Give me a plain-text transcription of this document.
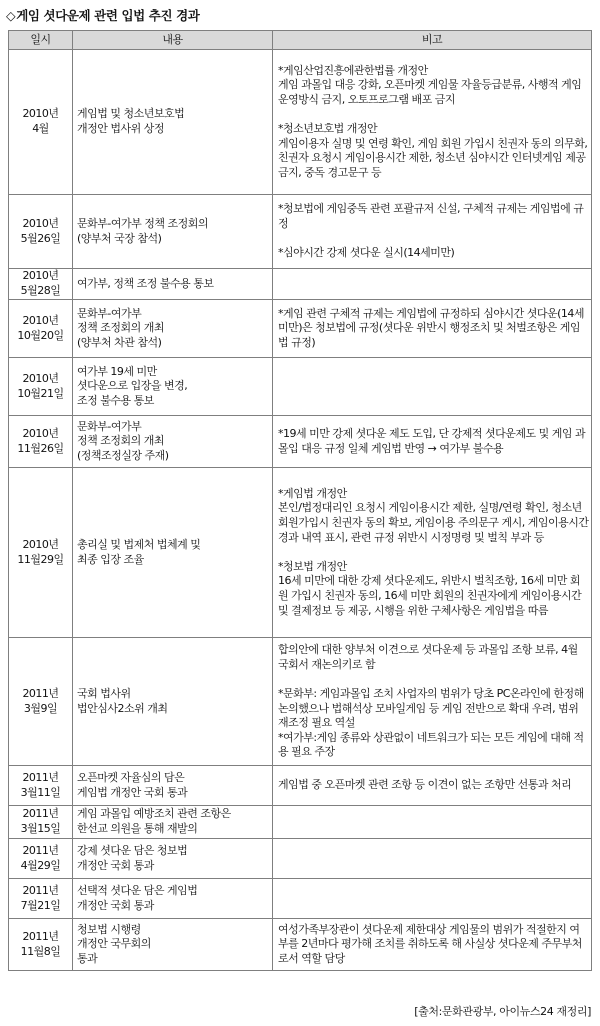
◇게임 셧다운제 관련 입법 추진 경과
일시	내용	비고

2010년
4월	게임법 및 청소년보호법
개정안 법사위 상정	*게임산업진흥에관한법률 개정안
게임 과몰입 대응 강화, 오픈마켓 게임물 자율등급분류, 사행적 게임운영방식 금지, 오토프로그램 배포 금지
*청소년보호법 개정안
게임이용자 실명 및 연령 확인, 게임 회원 가입시 친권자 동의 의무화, 친권자 요청시 게임이용시간 제한, 청소년 심야시간 인터넷게임 제공 금지, 중독 경고문구 등

2010년
5월26일	문화부-여가부 정책 조정회의
(양부처 국장 참석)	*청보법에 게임중독 관련 포괄규저 신설, 구체적 규제는 게임법에 규정
*심야시간 강제 셧다운 실시(14세미만)

2010년
5월28일	여가부, 정책 조정 불수용 통보	

2010년
10월20일	문화부-여가부
정책 조정회의 개최
(양부처 차관 참석)	*게임 관련 구체적 규제는 게임법에 규정하되 심야시간 셧다운(14세미만)은 청보법에 규정(셧다운 위반시 행정조치 및 처벌조항은 게임법 규정)

2010년
10월21일	여가부 19세 미만
셧다운으로 입장을 변경,
조정 불수용 통보	

2010년
11월26일	문화부-여가부
정책 조정회의 개최
(정책조정실장 주재)	*19세 미만 강제 셧다운 제도 도입, 단 강제적 셧다운제도 및 게임 과몰입 대응 규정 일체 게임법 반영 → 여가부 불수용

2010년
11월29일	총리실 및 법제처 법체계 및
최종 입장 조율	*게임법 개정안
본인/법정대리인 요청시 게임이용시간 제한, 실명/연령 확인, 청소년 회원가입시 친권자 동의 확보, 게임이용 주의문구 게시, 게임이용시간 경과 내역 표시, 관련 규정 위반시 시정명령 및 벌칙 부과 등
*청보법 개정안
16세 미만에 대한 강제 셧다운제도, 위반시 벌칙조항, 16세 미만 회원 가입시 친권자 동의, 16세 미만 회원의 친권자에게 게임이용시간 및 결제정보 등 제공, 시행을 위한 구체사항은 게임법을 따름

2011년
3월9일	국회 법사위
법안심사2소위 개최	합의안에 대한 양부처 이견으로 셧다운제 등 과몰입 조항 보류, 4월 국회서 재논의키로 함
*문화부: 게임과몰입 조치 사업자의 범위가 당초 PC온라인에 한정해 논의했으나 법해석상 모바일게임 등 게임 전반으로 확대 우려, 범위 재조정 필요 역설
*여가부:게임 종류와 상관없이 네트워크가 되는 모든 게임에 대해 적용 필요 주장

2011년
3월11일	오픈마켓 자율심의 담은
게임법 개정안 국회 통과	게임법 중 오픈마켓 관련 조항 등 이견이 없는 조항만 선통과 처리

2011년
3월15일	게임 과몰입 예방조치 관련 조항은
한선교 의원을 통해 재발의	

2011년
4월29일	강제 셧다운 담은 청보법
개정안 국회 통과	

2011년
7월21일	선택적 셧다운 담은 게임법
개정안 국회 통과	

2011년
11월8일	청보법 시행령
개정안 국무회의
통과	여성가족부장관이 셧다운제 제한대상 게임물의 범위가 적절한지 여부를 2년마다 평가해 조치를 취하도록 해 사실상 셧다운제 주무부처로서 역할 담당
[출처:문화관광부, 아이뉴스24 재정리]
